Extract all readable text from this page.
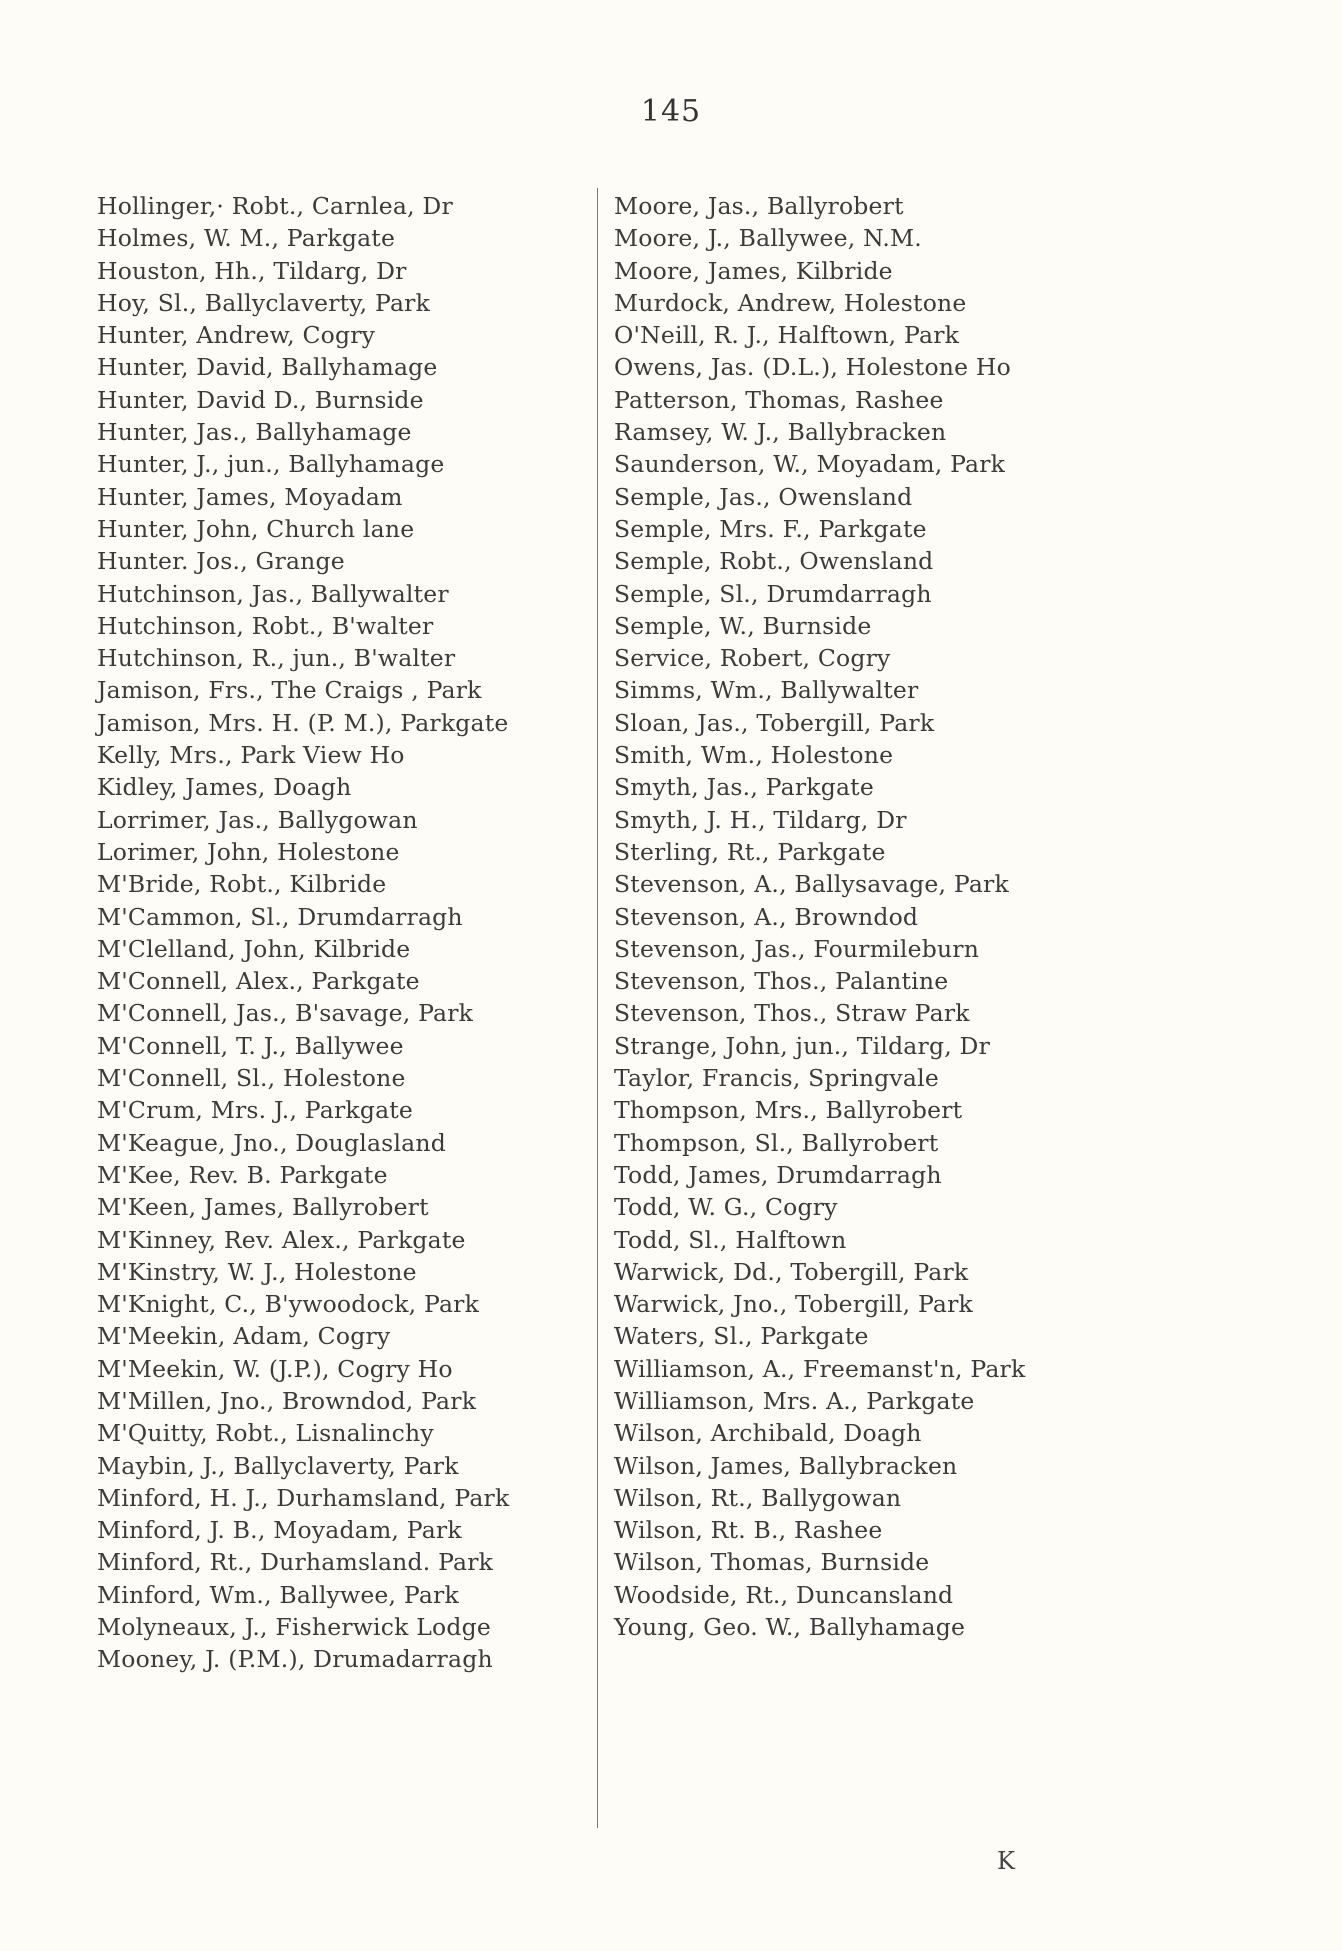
145
Hollinger,· Robt., Carnlea, Dr
Holmes, W. M., Parkgate
Houston, Hh., Tildarg, Dr
Hoy, Sl., Ballyclaverty, Park
Hunter, Andrew, Cogry
Hunter, David, Ballyhamage
Hunter, David D., Burnside
Hunter, Jas., Ballyhamage
Hunter, J., jun., Ballyhamage
Hunter, James, Moyadam
Hunter, John, Church lane
Hunter. Jos., Grange
Hutchinson, Jas., Ballywalter
Hutchinson, Robt., B'walter
Hutchinson, R., jun., B'walter
Jamison, Frs., The Craigs , Park
Jamison, Mrs. H. (P. M.), Parkgate
Kelly, Mrs., Park View Ho
Kidley, James, Doagh
Lorrimer, Jas., Ballygowan
Lorimer, John, Holestone
M'Bride, Robt., Kilbride
M'Cammon, Sl., Drumdarragh
M'Clelland, John, Kilbride
M'Connell, Alex., Parkgate
M'Connell, Jas., B'savage, Park
M'Connell, T. J., Ballywee
M'Connell, Sl., Holestone
M'Crum, Mrs. J., Parkgate
M'Keague, Jno., Douglasland
M'Kee, Rev. B. Parkgate
M'Keen, James, Ballyrobert
M'Kinney, Rev. Alex., Parkgate
M'Kinstry, W. J., Holestone
M'Knight, C., B'ywoodock, Park
M'Meekin, Adam, Cogry
M'Meekin, W. (J.P.), Cogry Ho
M'Millen, Jno., Browndod, Park
M'Quitty, Robt., Lisnalinchy
Maybin, J., Ballyclaverty, Park
Minford, H. J., Durhamsland, Park
Minford, J. B., Moyadam, Park
Minford, Rt., Durhamsland. Park
Minford, Wm., Ballywee, Park
Molyneaux, J., Fisherwick Lodge
Mooney, J. (P.M.), Drumadarragh
Moore, Jas., Ballyrobert
Moore, J., Ballywee, N.M.
Moore, James, Kilbride
Murdock, Andrew, Holestone
O'Neill, R. J., Halftown, Park
Owens, Jas. (D.L.), Holestone Ho
Patterson, Thomas, Rashee
Ramsey, W. J., Ballybracken
Saunderson, W., Moyadam, Park
Semple, Jas., Owensland
Semple, Mrs. F., Parkgate
Semple, Robt., Owensland
Semple, Sl., Drumdarragh
Semple, W., Burnside
Service, Robert, Cogry
Simms, Wm., Ballywalter
Sloan, Jas., Tobergill, Park
Smith, Wm., Holestone
Smyth, Jas., Parkgate
Smyth, J. H., Tildarg, Dr
Sterling, Rt., Parkgate
Stevenson, A., Ballysavage, Park
Stevenson, A., Browndod
Stevenson, Jas., Fourmileburn
Stevenson, Thos., Palantine
Stevenson, Thos., Straw Park
Strange, John, jun., Tildarg, Dr
Taylor, Francis, Springvale
Thompson, Mrs., Ballyrobert
Thompson, Sl., Ballyrobert
Todd, James, Drumdarragh
Todd, W. G., Cogry
Todd, Sl., Halftown
Warwick, Dd., Tobergill, Park
Warwick, Jno., Tobergill, Park
Waters, Sl., Parkgate
Williamson, A., Freemanst'n, Park
Williamson, Mrs. A., Parkgate
Wilson, Archibald, Doagh
Wilson, James, Ballybracken
Wilson, Rt., Ballygowan
Wilson, Rt. B., Rashee
Wilson, Thomas, Burnside
Woodside, Rt., Duncansland
Young, Geo. W., Ballyhamage
K
